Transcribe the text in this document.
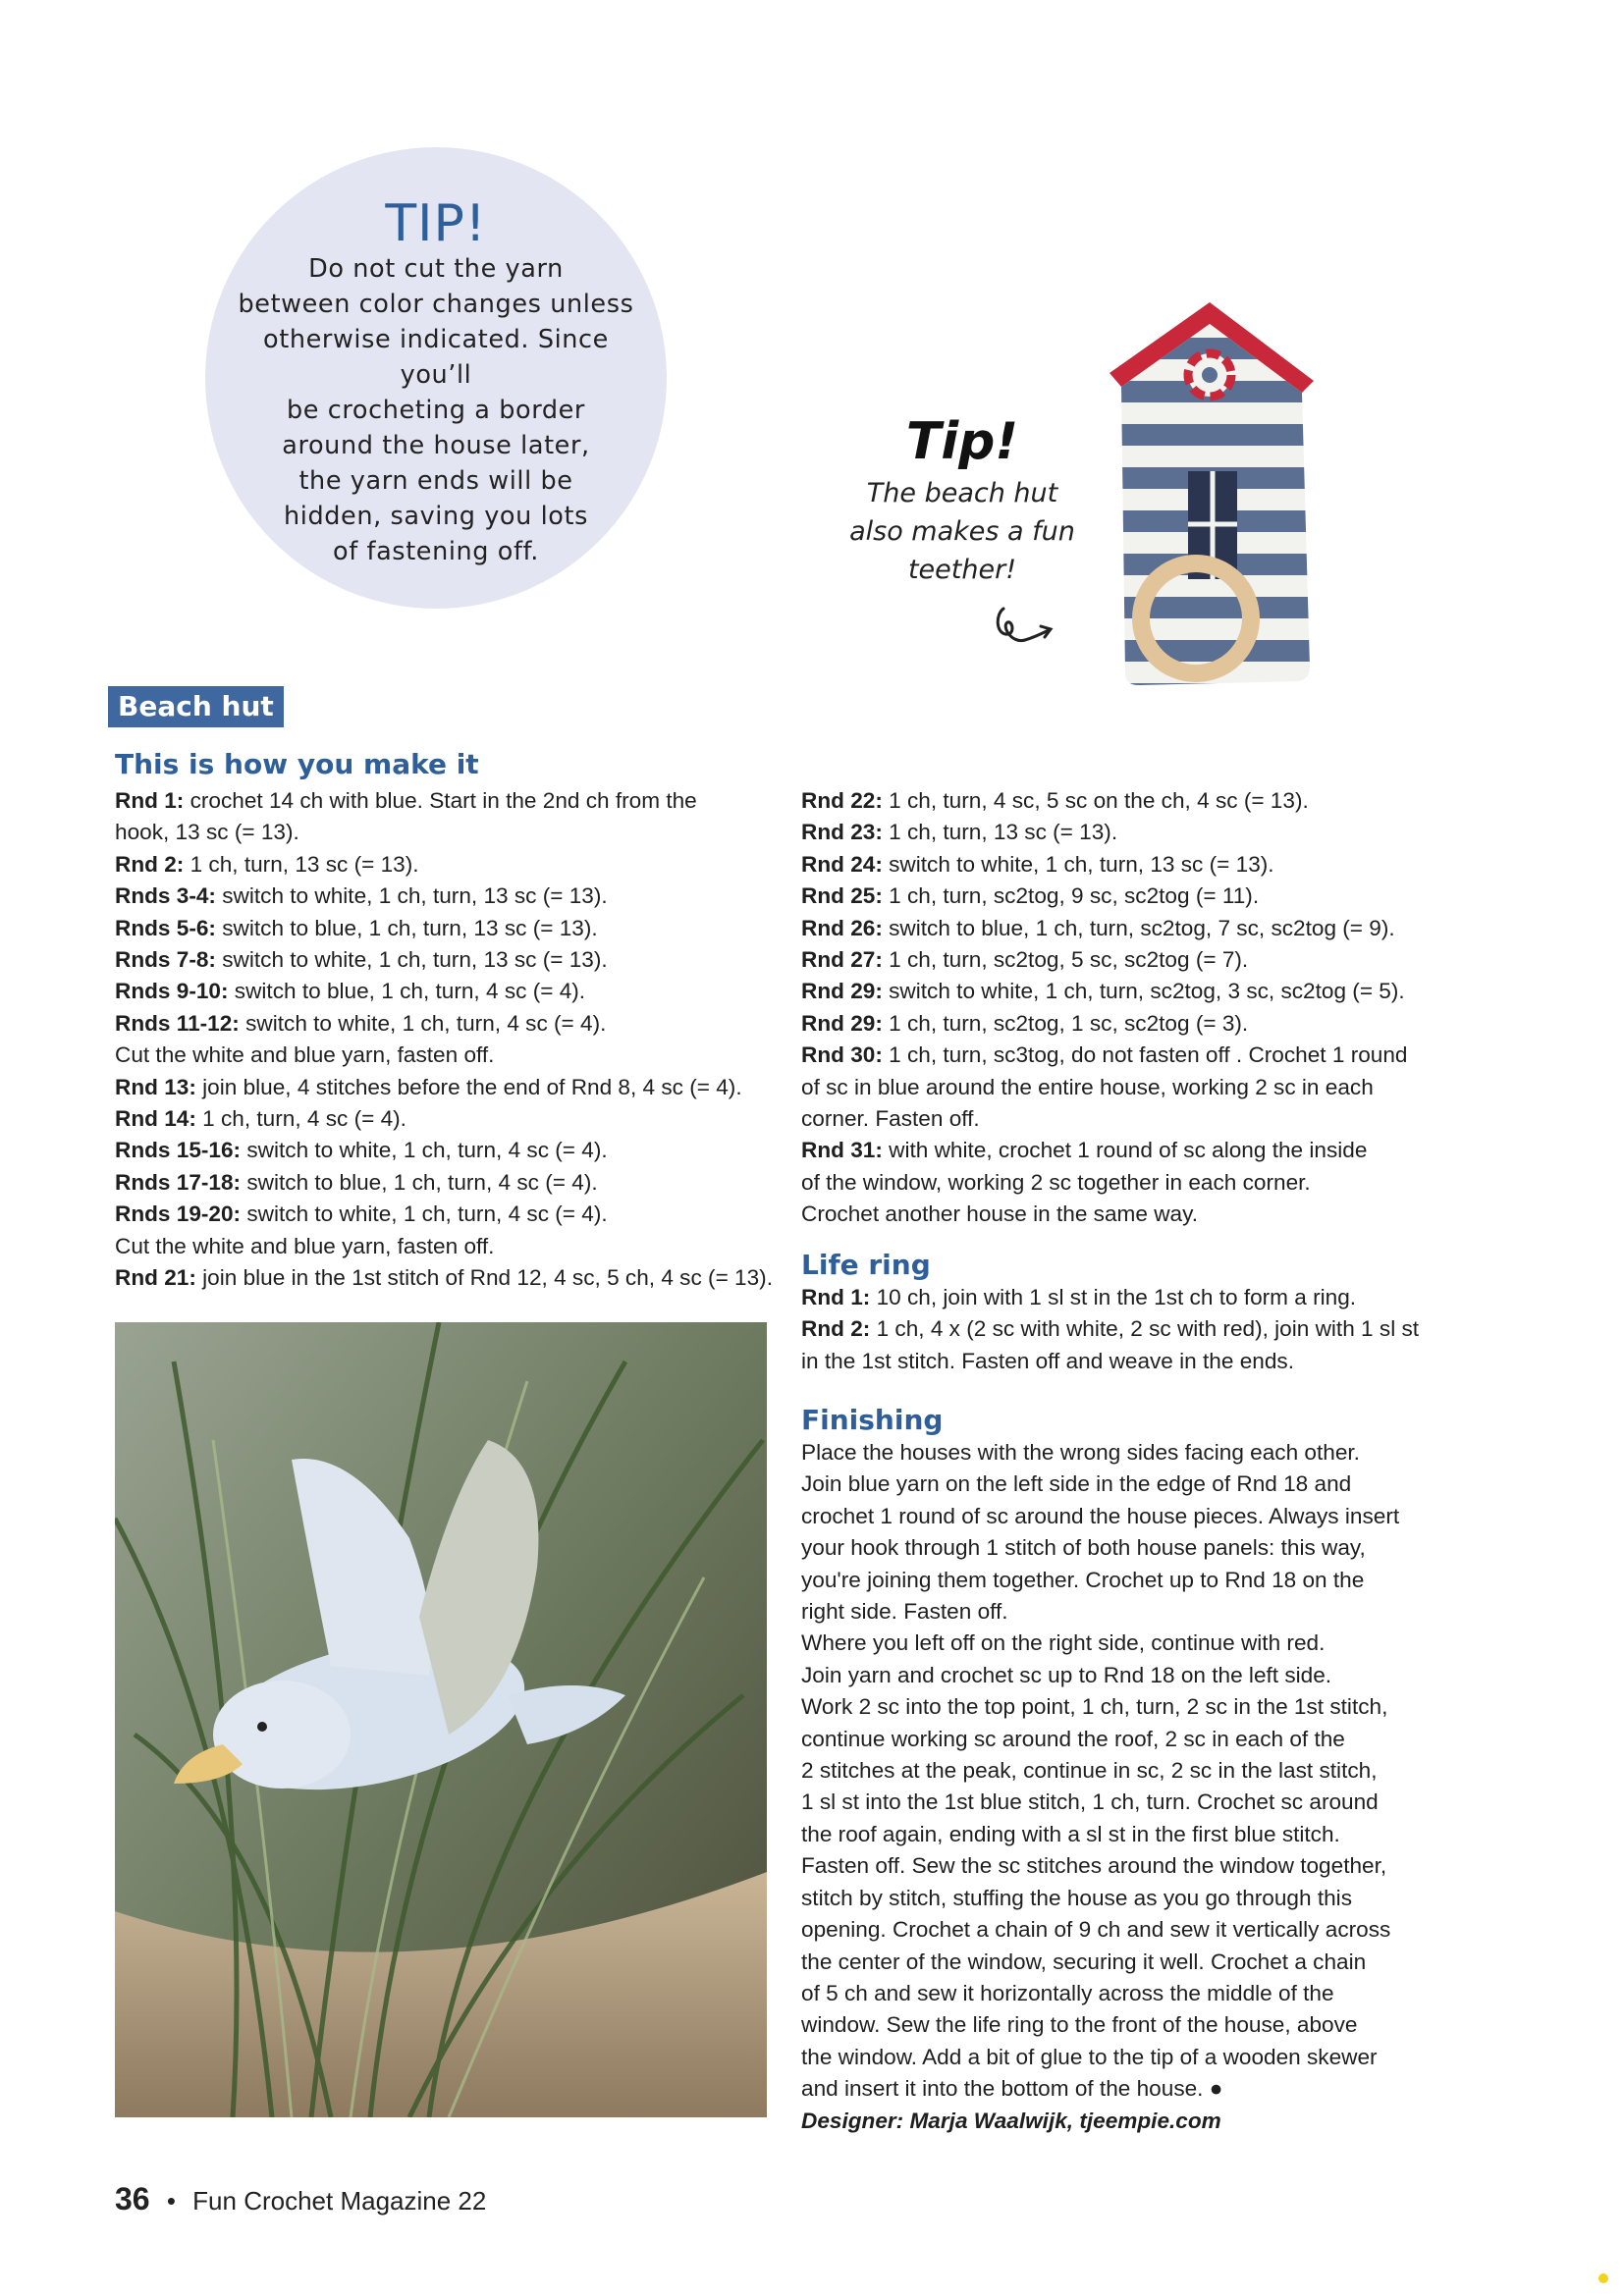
TIP!
Do not cut the yarn
between color changes unless
otherwise indicated. Since you’ll
be crocheting a border
around the house later,
the yarn ends will be
hidden, saving you lots
of fastening off.
Tip!
The beach hut
also makes a fun
teether!
Beach hut
This is how you make it

Rnd 1: crochet 14 ch with blue. Start in the 2nd ch from the

hook, 13 sc (= 13).

Rnd 2: 1 ch, turn, 13 sc (= 13).

Rnds 3-4: switch to white, 1 ch, turn, 13 sc (= 13).

Rnds 5-6: switch to blue, 1 ch, turn, 13 sc (= 13).

Rnds 7-8: switch to white, 1 ch, turn, 13 sc (= 13).

Rnds 9-10: switch to blue, 1 ch, turn, 4 sc (= 4).

Rnds 11-12: switch to white, 1 ch, turn, 4 sc (= 4).

Cut the white and blue yarn, fasten off.

Rnd 13: join blue, 4 stitches before the end of Rnd 8, 4 sc (= 4).

Rnd 14: 1 ch, turn, 4 sc (= 4).

Rnds 15-16: switch to white, 1 ch, turn, 4 sc (= 4).

Rnds 17-18: switch to blue, 1 ch, turn, 4 sc (= 4).

Rnds 19-20: switch to white, 1 ch, turn, 4 sc (= 4).

Cut the white and blue yarn, fasten off.

Rnd 21: join blue in the 1st stitch of Rnd 12, 4 sc, 5 ch, 4 sc (= 13).

Rnd 22: 1 ch, turn, 4 sc, 5 sc on the ch, 4 sc (= 13).

Rnd 23: 1 ch, turn, 13 sc (= 13).

Rnd 24: switch to white, 1 ch, turn, 13 sc (= 13).

Rnd 25: 1 ch, turn, sc2tog, 9 sc, sc2tog (= 11).

Rnd 26: switch to blue, 1 ch, turn, sc2tog, 7 sc, sc2tog (= 9).

Rnd 27: 1 ch, turn, sc2tog, 5 sc, sc2tog (= 7).

Rnd 29: switch to white, 1 ch, turn, sc2tog, 3 sc, sc2tog (= 5).

Rnd 29: 1 ch, turn, sc2tog, 1 sc, sc2tog (= 3).

Rnd 30: 1 ch, turn, sc3tog, do not fasten off . Crochet 1 round

of sc in blue around the entire house, working 2 sc in each

corner. Fasten off.

Rnd 31: with white, crochet 1 round of sc along the inside

of the window, working 2 sc together in each corner.

Crochet another house in the same way.

Life ring

Rnd 1: 10 ch, join with 1 sl st in the 1st ch to form a ring.

Rnd 2: 1 ch, 4 x (2 sc with white, 2 sc with red), join with 1 sl st

in the 1st stitch. Fasten off and weave in the ends.

Finishing

Place the houses with the wrong sides facing each other.

Join blue yarn on the left side in the edge of Rnd 18 and

crochet 1 round of sc around the house pieces. Always insert

your hook through 1 stitch of both house panels: this way,

you're joining them together. Crochet up to Rnd 18 on the

right side. Fasten off.

Where you left off on the right side, continue with red.

Join yarn and crochet sc up to Rnd 18 on the left side.

Work 2 sc into the top point, 1 ch, turn, 2 sc in the 1st stitch,

continue working sc around the roof, 2 sc in each of the

2 stitches at the peak, continue in sc, 2 sc in the last stitch,

1 sl st into the 1st blue stitch, 1 ch, turn. Crochet sc around

the roof again, ending with a sl st in the first blue stitch.

Fasten off. Sew the sc stitches around the window together,

stitch by stitch, stuffing the house as you go through this

opening. Crochet a chain of 9 ch and sew it vertically across

the center of the window, securing it well. Crochet a chain

of 5 ch and sew it horizontally across the middle of the

window. Sew the life ring to the front of the house, above

the window. Add a bit of glue to the tip of a wooden skewer

and insert it into the bottom of the house. ●

Designer: Marja Waalwijk, tjeempie.com

36 • Fun Crochet Magazine 22
